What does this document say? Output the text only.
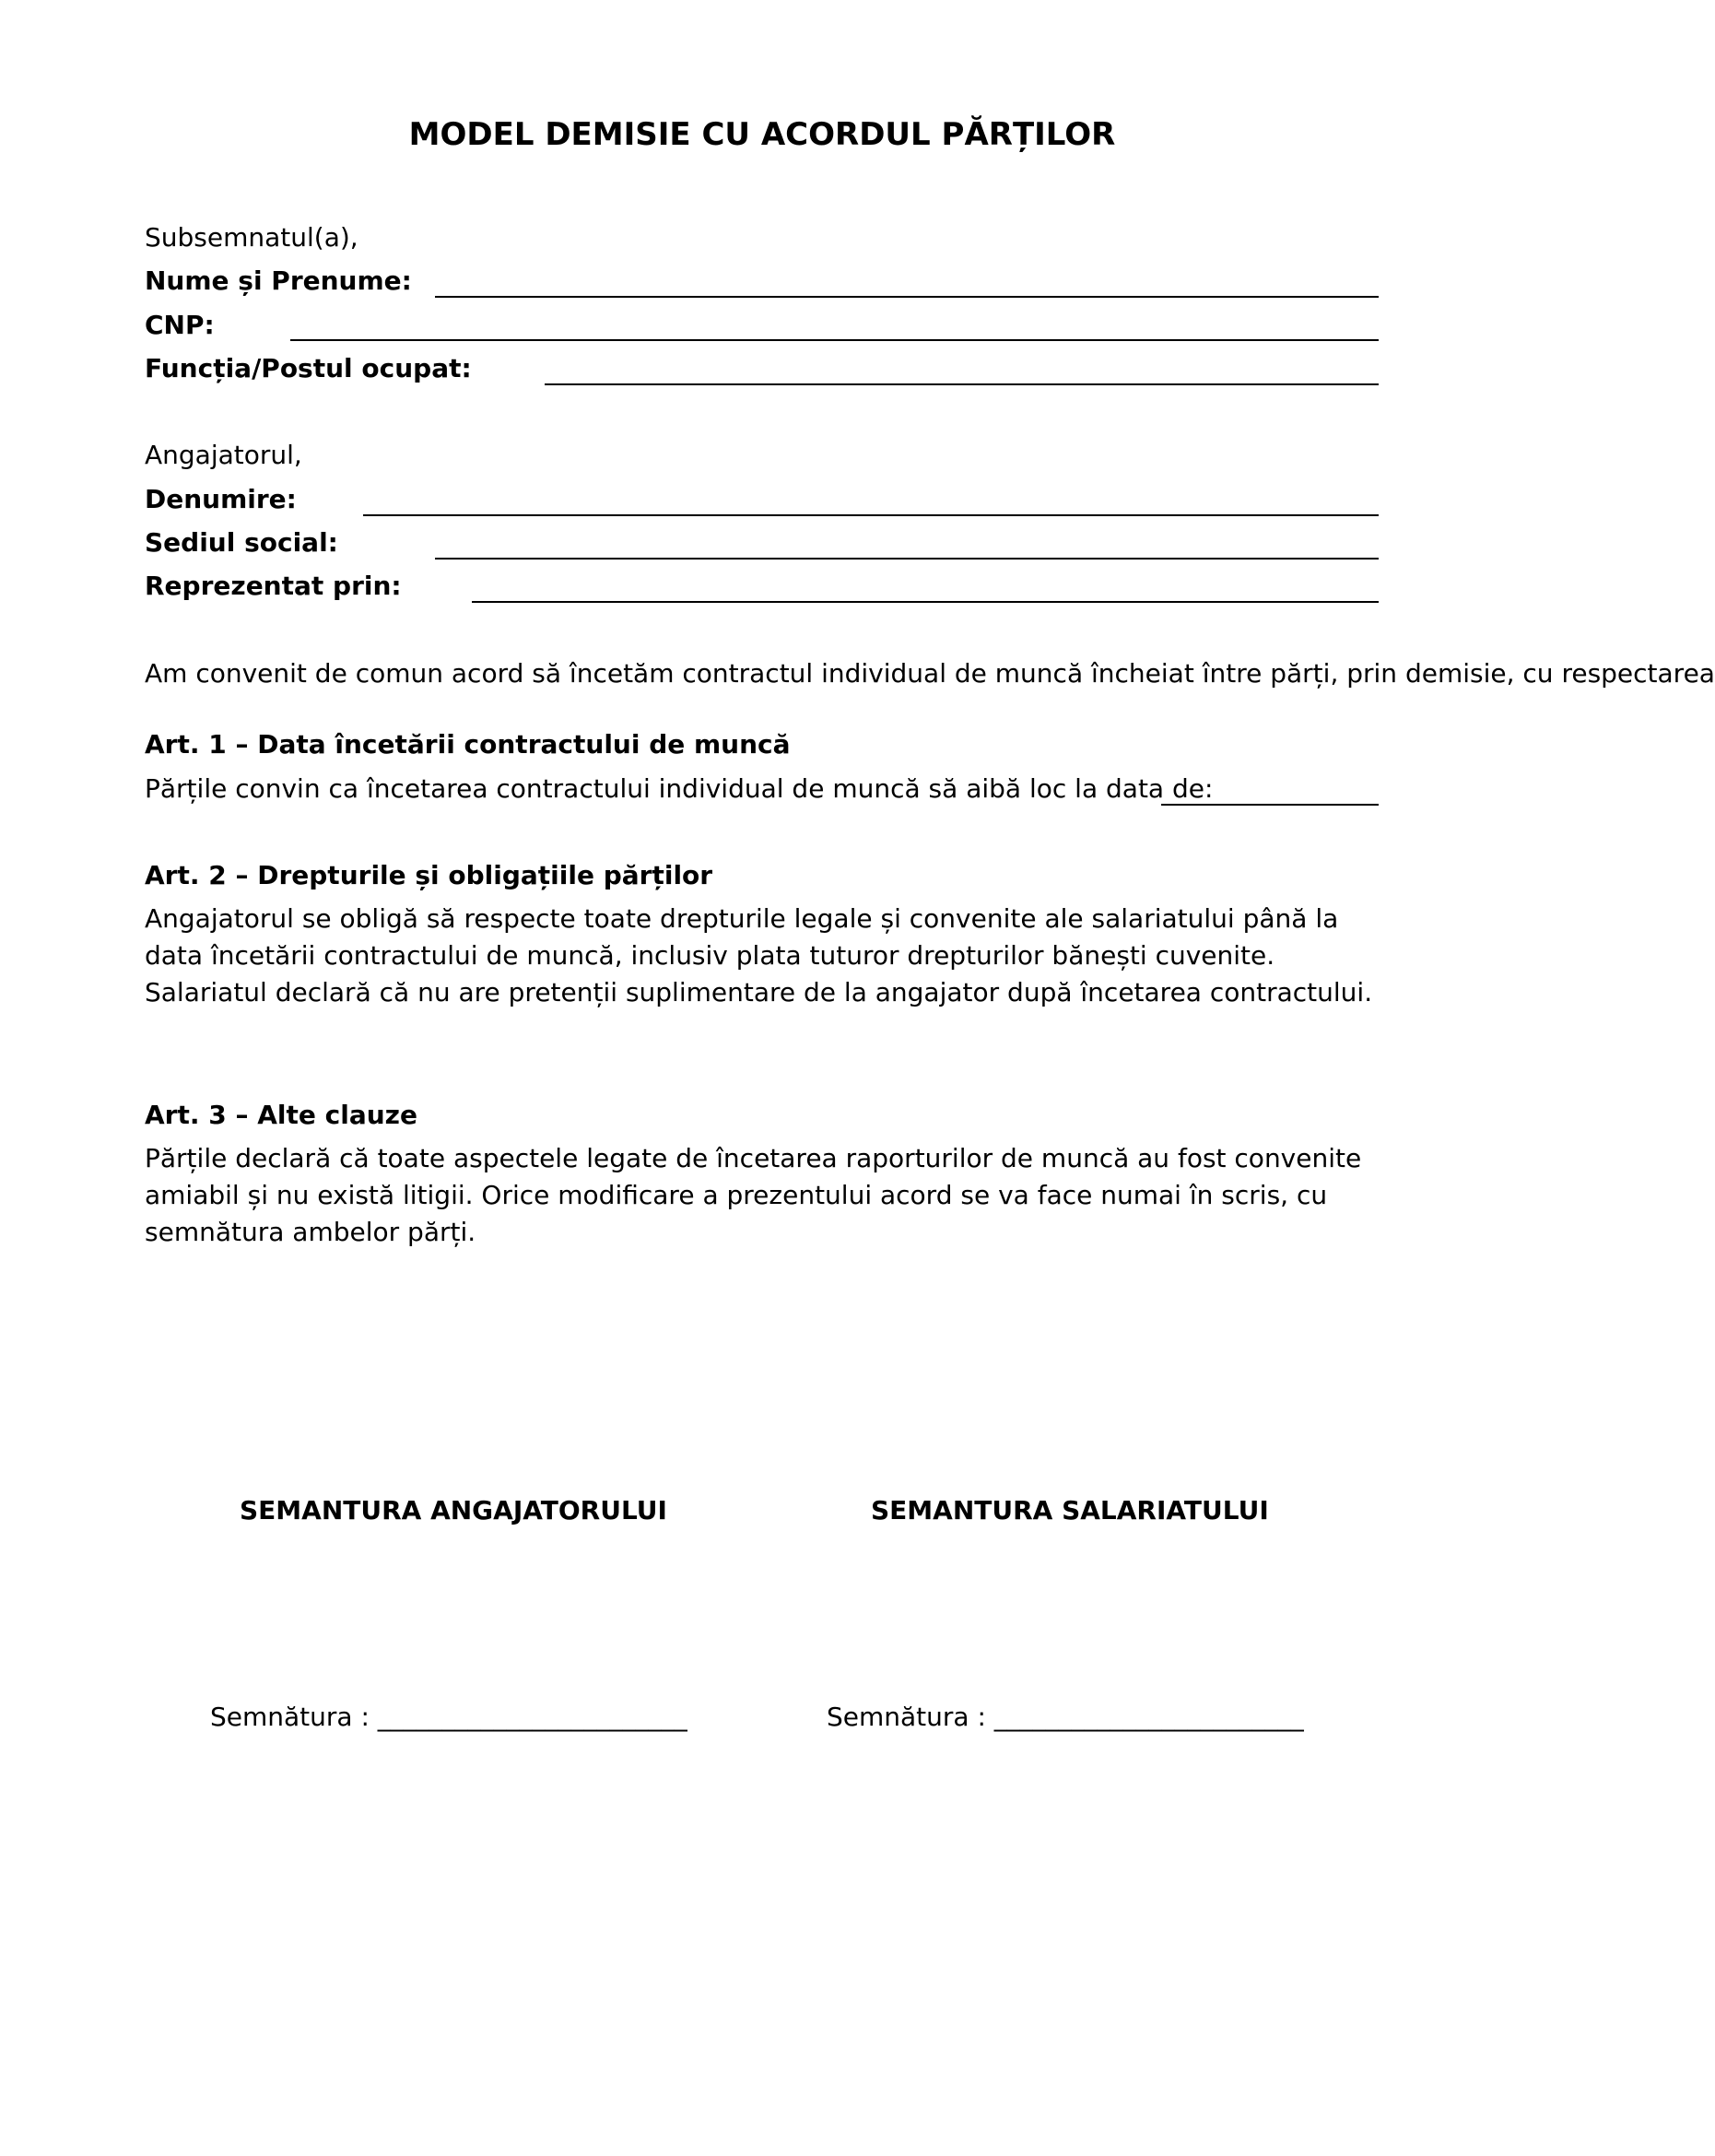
MODEL DEMISIE CU ACORDUL PĂRȚILOR
Subsemnatul(a),
Nume și Prenume:
CNP:
Funcția/Postul ocupat:
Angajatorul,
Denumire:
Sediul social:
Reprezentat prin:
Am convenit de comun acord să încetăm contractul individual de muncă încheiat între părți, prin demisie, cu respectarea
Art. 1 – Data încetării contractului de muncă
Părțile convin ca încetarea contractului individual de muncă să aibă loc la data de:
Art. 2 – Drepturile și obligațiile părților
Angajatorul se obligă să respecte toate drepturile legale și convenite ale salariatului până la
data încetării contractului de muncă, inclusiv plata tuturor drepturilor bănești cuvenite.
Salariatul declară că nu are pretenții suplimentare de la angajator după încetarea contractului.
Art. 3 – Alte clauze
Părțile declară că toate aspectele legate de încetarea raporturilor de muncă au fost convenite
amiabil și nu există litigii. Orice modificare a prezentului acord se va face numai în scris, cu
semnătura ambelor părți.
SEMANTURA ANGAJATORULUI	SEMANTURA SALARIATULUI
Semnătura : ________________________	Semnătura : ________________________
